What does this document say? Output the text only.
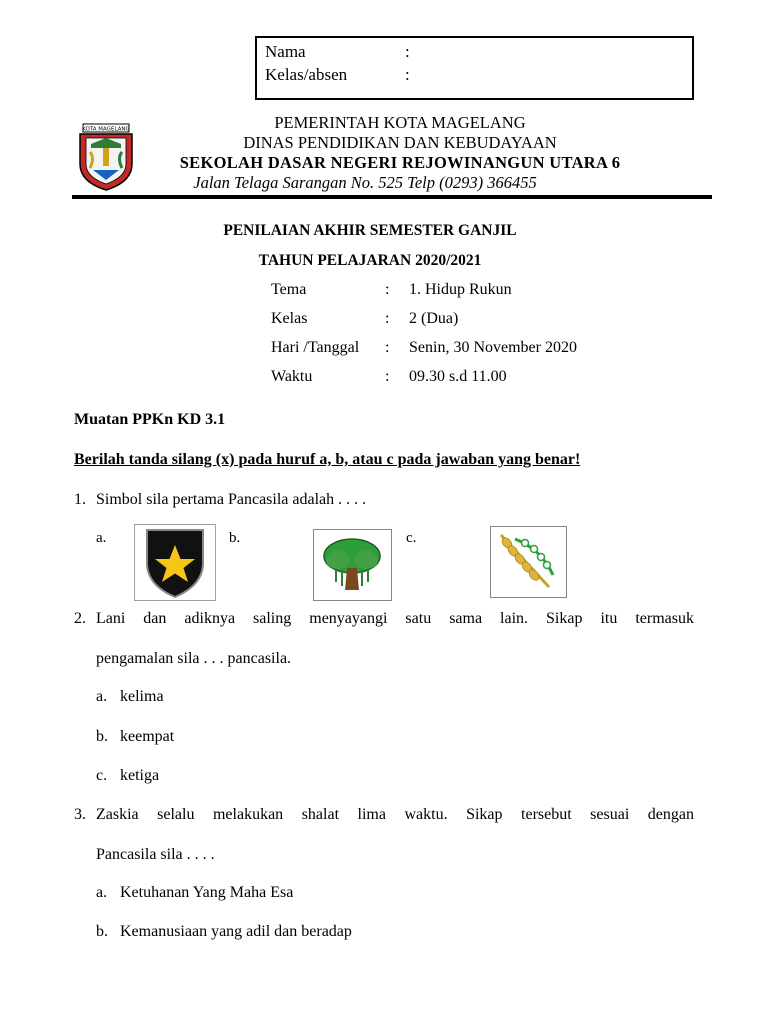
Nama	:
Kelas/absen	:
KOTA MAGELANG	PEMERINTAH KOTA MAGELANG
DINAS PENDIDIKAN DAN KEBUDAYAAN
SEKOLAH DASAR NEGERI REJOWINANGUN UTARA 6
Jalan Telaga Sarangan No. 525 Telp (0293) 366455
PENILAIAN AKHIR SEMESTER GANJIL
TAHUN PELAJARAN 2020/2021
Tema	: 1. Hidup Rukun
Kelas	: 2 (Dua)
Hari /Tanggal : Senin, 30 November 2020
Waktu	: 09.30 s.d 11.00
Muatan PPKn KD 3.1
Berilah tanda silang (x) pada huruf a, b, atau c pada jawaban yang benar!
1. Simbol sila pertama Pancasila adalah . . . .
a.	b.	c.
2. Lani dan adiknya saling menyayangi satu sama lain. Sikap itu termasuk
pengamalan sila . . . pancasila.
a. kelima
b. keempat
c. ketiga
3. Zaskia selalu melakukan shalat lima waktu. Sikap tersebut sesuai dengan
Pancasila sila . . . .
a. Ketuhanan Yang Maha Esa
b. Kemanusiaan yang adil dan beradap
